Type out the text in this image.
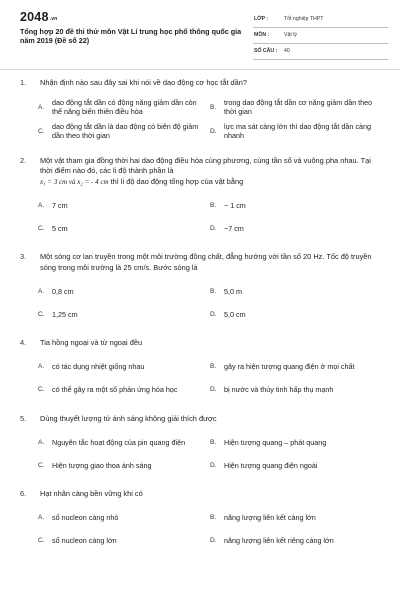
2048.vn
Tổng hợp 20 đề thi thử môn Vật Lí trung học phổ thông quốc gia năm 2019 (Đề số 22)
LỚP :	Tốt nghiệp THPT
MÔN :	Vật lý
SỐ CÂU : 40
1. Nhận định nào sau đây sai khi nói về dao động cơ học tắt dần?
A.
dao động tắt dần có động năng giảm dần còn thế năng biến thiên điều hòa	B.
trong dao động tắt dần cơ năng giảm dần theo thời gian
C.
dao động tắt dần là dao động có biên độ giảm dần theo thời gian	D.
lực ma sát càng lớn thì dao động tắt dần càng nhanh
2. Một vật tham gia đồng thời hai dao động điều hòa cùng phương, cùng tần số và vuông pha nhau. Tại thời điểm nào đó, các li độ thành phần là
x₁ = 3 cm và x₂ = - 4 cm thì li độ dao động tổng hợp của vật bằng
A.	7 cm	B.	− 1 cm
C.	5 cm	D.	−7 cm
3. Một sóng cơ lan truyền trong một môi trường đồng chất, đẳng hướng với tần số 20 Hz. Tốc độ truyền sóng trong môi trường là 25 cm/s. Bước sóng là
A.	0,8 cm	B.	5,0 m
C.	1,25 cm	D.	5,0 cm
4. Tia hồng ngoại và tử ngoại đều
A.	có tác dụng nhiệt giống nhau	B.	gây ra hiện tượng quang điện ở mọi chất
C.	có thể gây ra một số phản ứng hóa học	D.	bị nước và thủy tinh hấp thụ mạnh
5. Dùng thuyết lượng tử ánh sáng không giải thích được
A.	Nguyên tắc hoạt động của pin quang điện	B.	Hiện tượng quang – phát quang
C.	Hiện tượng giao thoa ánh sáng	D.	Hiện tượng quang điện ngoài
6. Hạt nhân càng bền vững khi có
A.	số nucleon càng nhỏ	B.	năng lượng liên kết càng lớn
C.	số nucleon càng lớn	D.	năng lượng liên kết riêng càng lớn
